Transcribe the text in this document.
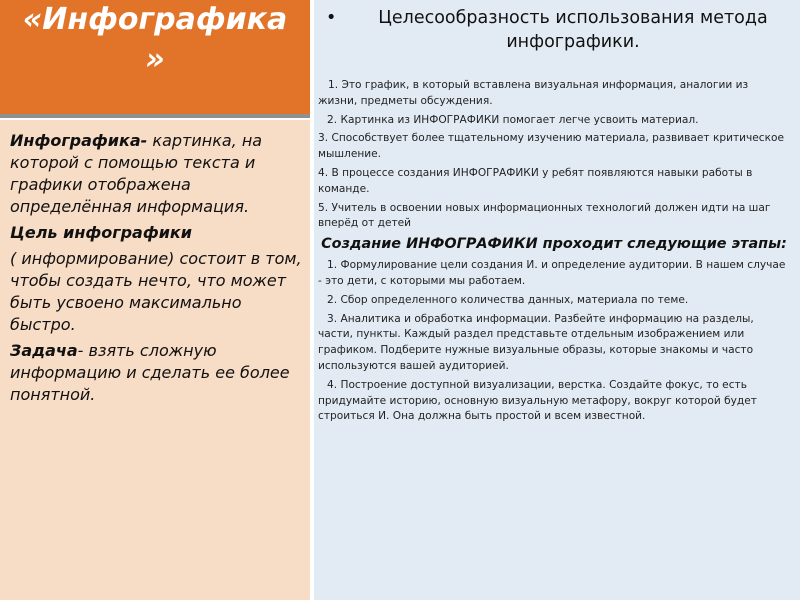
«Инфографика
»

Инфографика- картинка, на которой с помощью текста и графики отображена определённая информация.

Цель инфографики

( информирование) состоит в том, чтобы создать нечто, что может быть усвоено максимально быстро.

Задача- взять сложную информацию и сделать ее более понятной.

• Целесообразность использования метода инфографики.

1. Это график, в который вставлена визуальная информация, аналогии из жизни, предметы обсуждения.

2. Картинка из ИНФОГРАФИКИ помогает легче усвоить материал.

3. Способствует более тщательному изучению материала, развивает критическое мышление.

4. В процессе создания ИНФОГРАФИКИ у ребят появляются навыки работы в команде.

5. Учитель в освоении новых информационных технологий должен идти на шаг вперёд от детей

Создание ИНФОГРАФИКИ проходит следующие этапы:

1. Формулирование цели создания И. и определение аудитории. В нашем случае - это дети, с которыми мы работаем.

2. Сбор определенного количества данных, материала по теме.

3. Аналитика и обработка информации. Разбейте информацию на разделы, части, пункты. Каждый раздел представьте отдельным изображением или графиком. Подберите нужные визуальные образы, которые знакомы и часто используются вашей аудиторией.

4. Построение доступной визуализации, верстка. Создайте фокус, то есть придумайте историю, основную визуальную метафору, вокруг которой будет строиться И. Она должна быть простой и всем известной.
